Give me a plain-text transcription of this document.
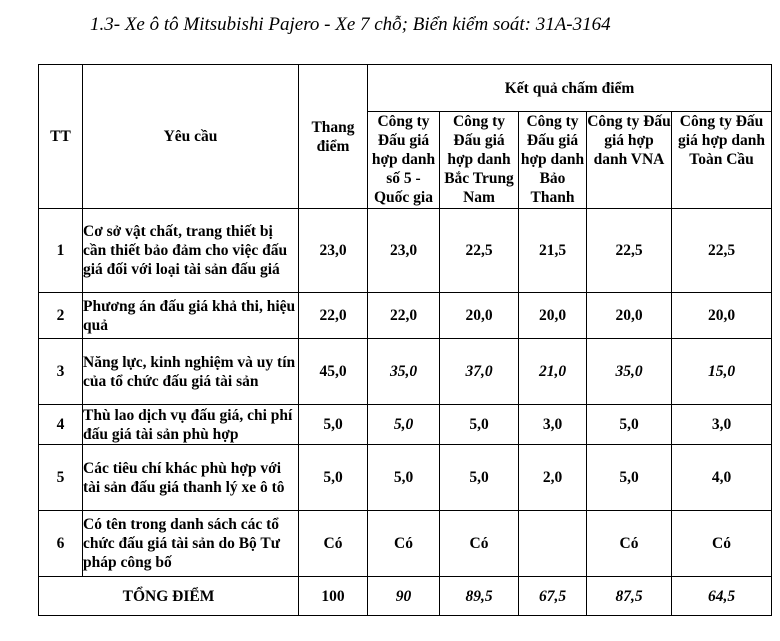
1.3- Xe ô tô Mitsubishi Pajero - Xe 7 chỗ; Biển kiểm soát: 31A-3164
TT	Yêu cầu	Thang điểm	Kết quả chấm điểm				
			Công ty Đấu giá hợp danh số 5 - Quốc gia	Công ty Đấu giá hợp danh Bắc Trung Nam	Công ty Đấu giá hợp danh Bảo Thanh	Công ty Đấu giá hợp danh VNA	Công ty Đấu giá hợp danh Toàn Cầu
1	Cơ sở vật chất, trang thiết bị cần thiết bảo đảm cho việc đấu giá đối với loại tài sản đấu giá	23,0	23,0	22,5	21,5	22,5	22,5
2	Phương án đấu giá khả thi, hiệu quả	22,0	22,0	20,0	20,0	20,0	20,0
3	Năng lực, kinh nghiệm và uy tín của tổ chức đấu giá tài sản	45,0	35,0	37,0	21,0	35,0	15,0
4	Thù lao dịch vụ đấu giá, chi phí đấu giá tài sản phù hợp	5,0	5,0	5,0	3,0	5,0	3,0
5	Các tiêu chí khác phù hợp với tài sản đấu giá thanh lý xe ô tô	5,0	5,0	5,0	2,0	5,0	4,0
6	Có tên trong danh sách các tổ chức đấu giá tài sản do Bộ Tư pháp công bố	Có	Có	Có		Có	Có
TỔNG ĐIỂM		100	90	89,5	67,5	87,5	64,5
